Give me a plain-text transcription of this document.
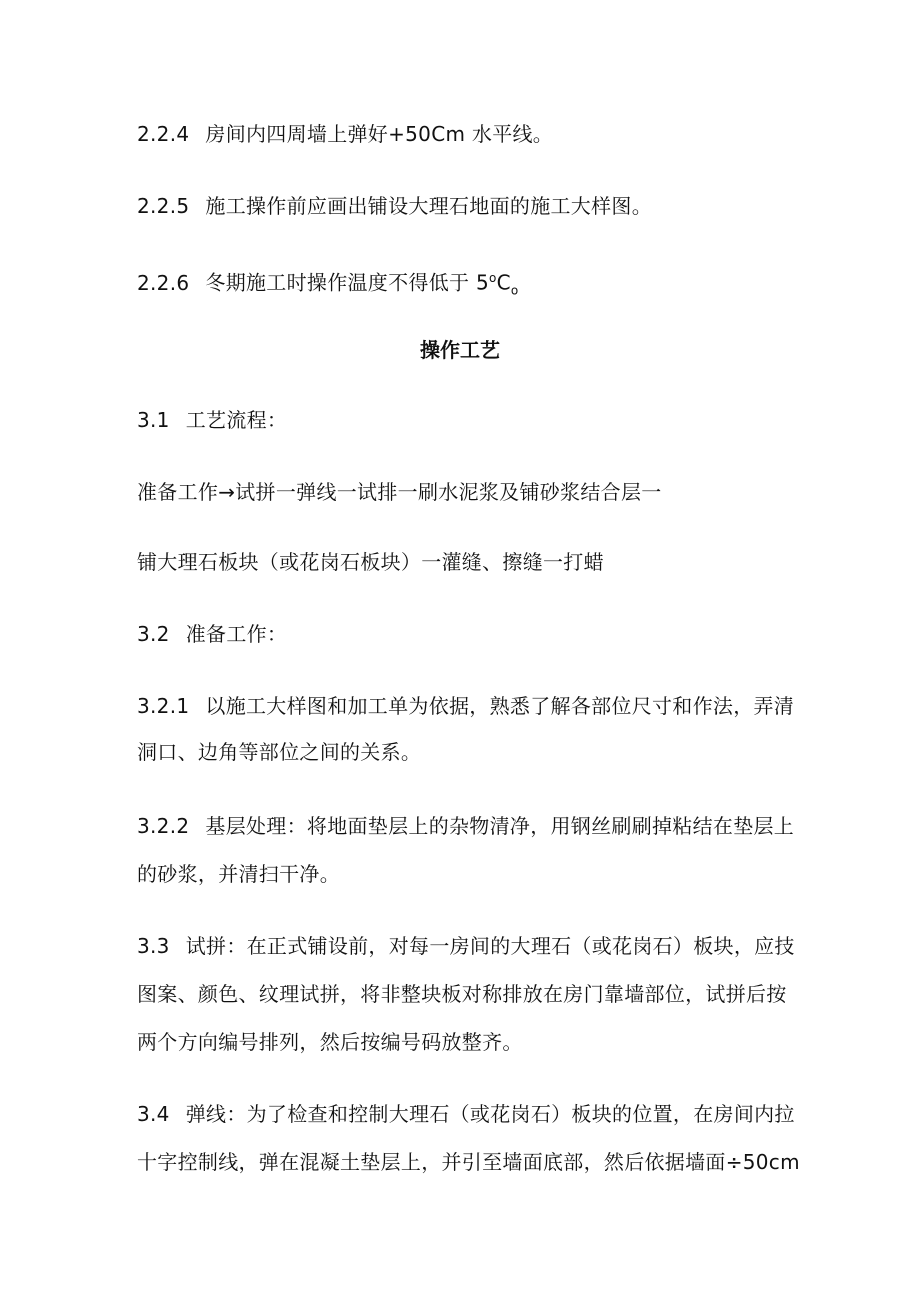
2.2.4 房间内四周墙上弹好+50Cm 水平线。
2.2.5 施工操作前应画出铺设大理石地面的施工大样图。
2.2.6 冬期施工时操作温度不得低于 $5^oC_o$
操作工艺
3.1 工艺流程：
准备工作→试拼一弹线一试排一刷水泥浆及铺砂浆结合层一
铺大理石板块（或花岗石板块）一灌缝、擦缝一打蜡
3.2 准备工作：
3.2.1 以施工大样图和加工单为依据，熟悉了解各部位尺寸和作法，弄清
洞口、边角等部位之间的关系。
3.2.2 基层处理：将地面垫层上的杂物清净，用钢丝刷刷掉粘结在垫层上
的砂浆，并清扫干净。
3.3 试拼：在正式铺设前，对每一房间的大理石（或花岗石）板块，应技
图案、颜色、纹理试拼，将非整块板对称排放在房门靠墙部位，试拼后按
两个方向编号排列，然后按编号码放整齐。
3.4 弹线：为了检查和控制大理石（或花岗石）板块的位置，在房间内拉
十字控制线，弹在混凝土垫层上，并引至墙面底部，然后依据墙面÷50cm
